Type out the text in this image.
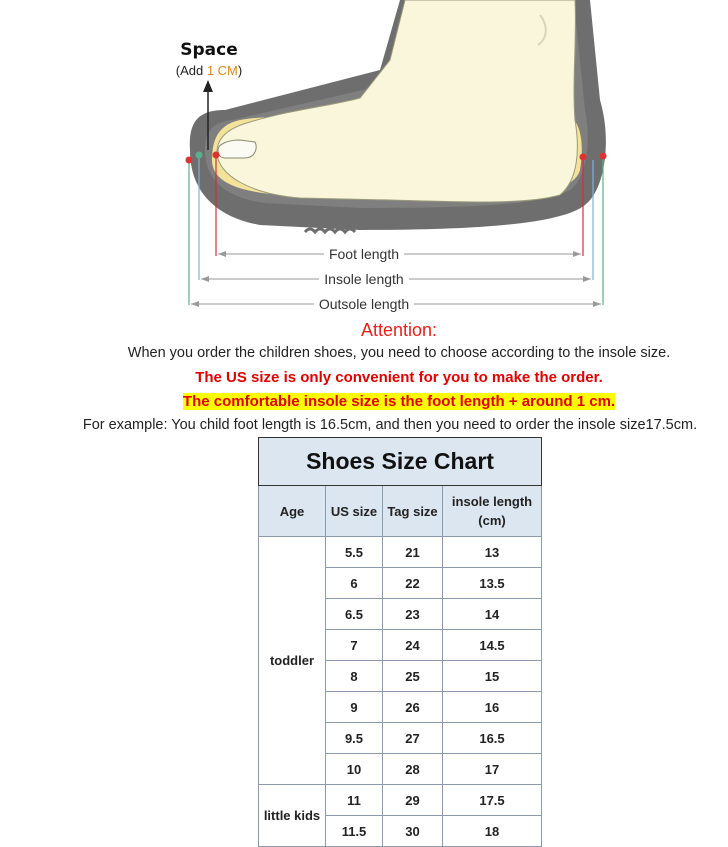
Space
(Add 1 CM)
Foot length
Insole length
Outsole length
Attention:
When you order the children shoes, you need to choose according to the insole size.
The US size is only convenient for you to make the order.
The comfortable insole size is the foot length + around 1 cm.
For example: You child foot length is 16.5cm, and then you need to order the insole size17.5cm.
Shoes Size Chart			
Age	US size	Tag size	insole length (cm)
toddler	5.5	21	13
	6	22	13.5
	6.5	23	14
	7	24	14.5
	8	25	15
	9	26	16
	9.5	27	16.5
	10	28	17
little kids	11	29	17.5
	11.5	30	18
